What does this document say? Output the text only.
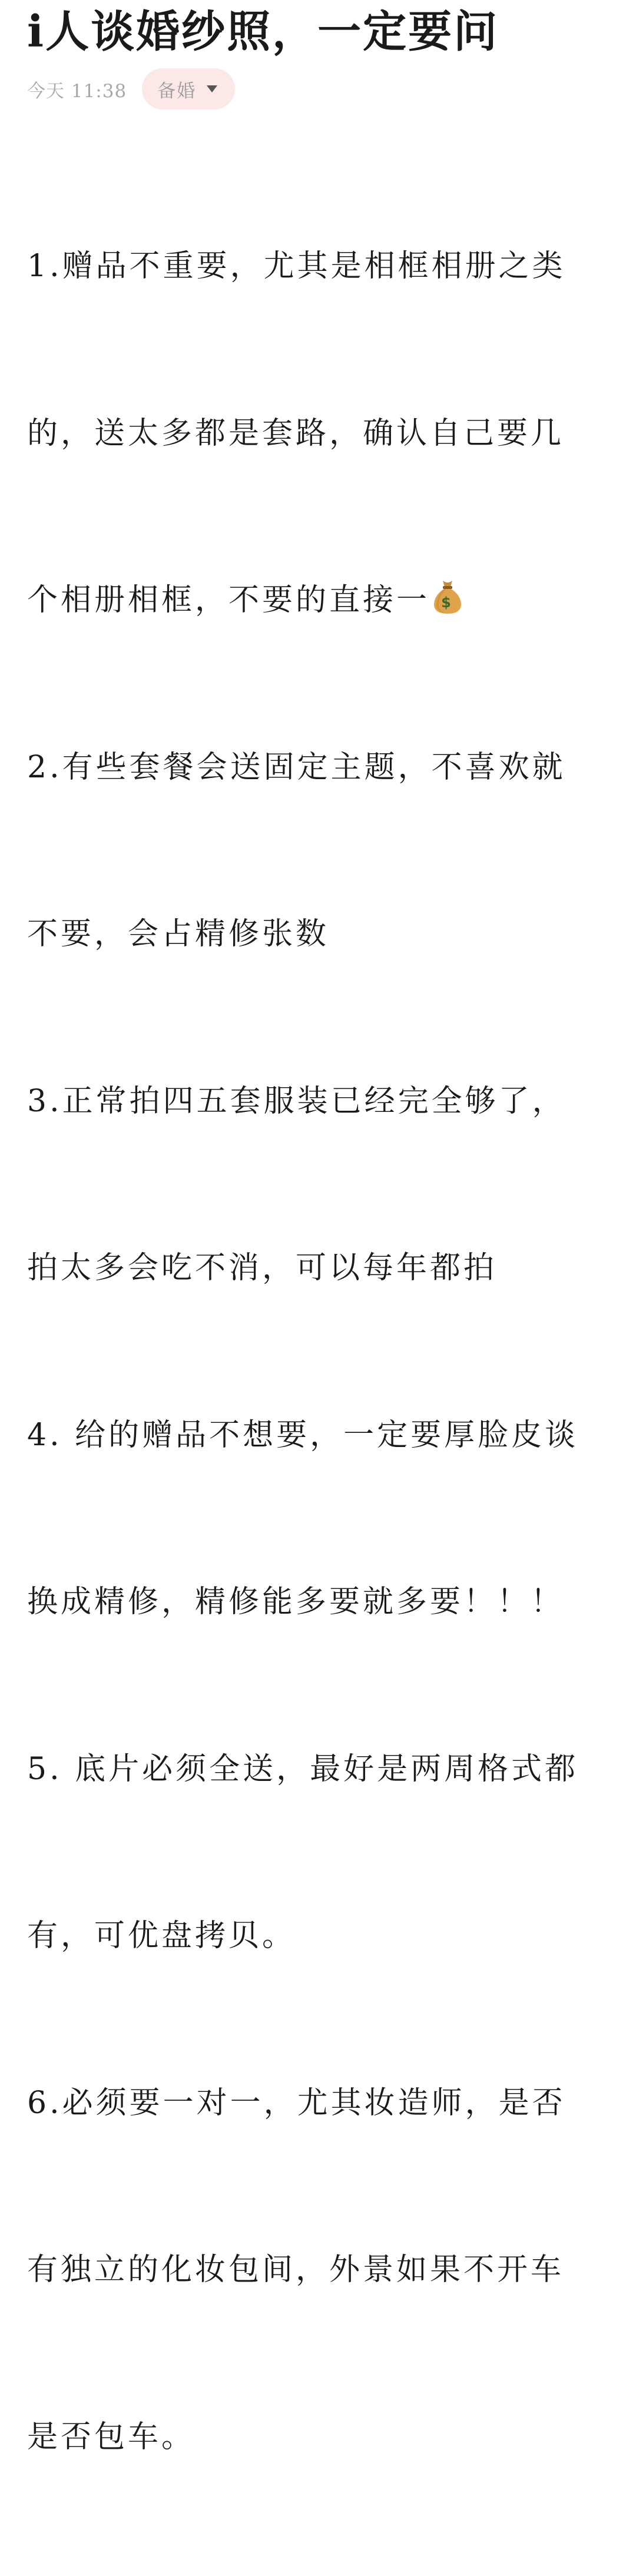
i人谈婚纱照，一定要问
今天 11:38 备婚

1.赠品不重要，尤其是相框相册之类

的，送太多都是套路，确认自己要几

个相册相框，不要的直接一 $

2.有些套餐会送固定主题，不喜欢就

不要，会占精修张数

3.正常拍四五套服装已经完全够了，

拍太多会吃不消，可以每年都拍

4. 给的赠品不想要，一定要厚脸皮谈

换成精修，精修能多要就多要！！！

5. 底片必须全送，最好是两周格式都

有，可优盘拷贝。

6.必须要一对一，尤其妆造师，是否

有独立的化妆包间，外景如果不开车

是否包车。
